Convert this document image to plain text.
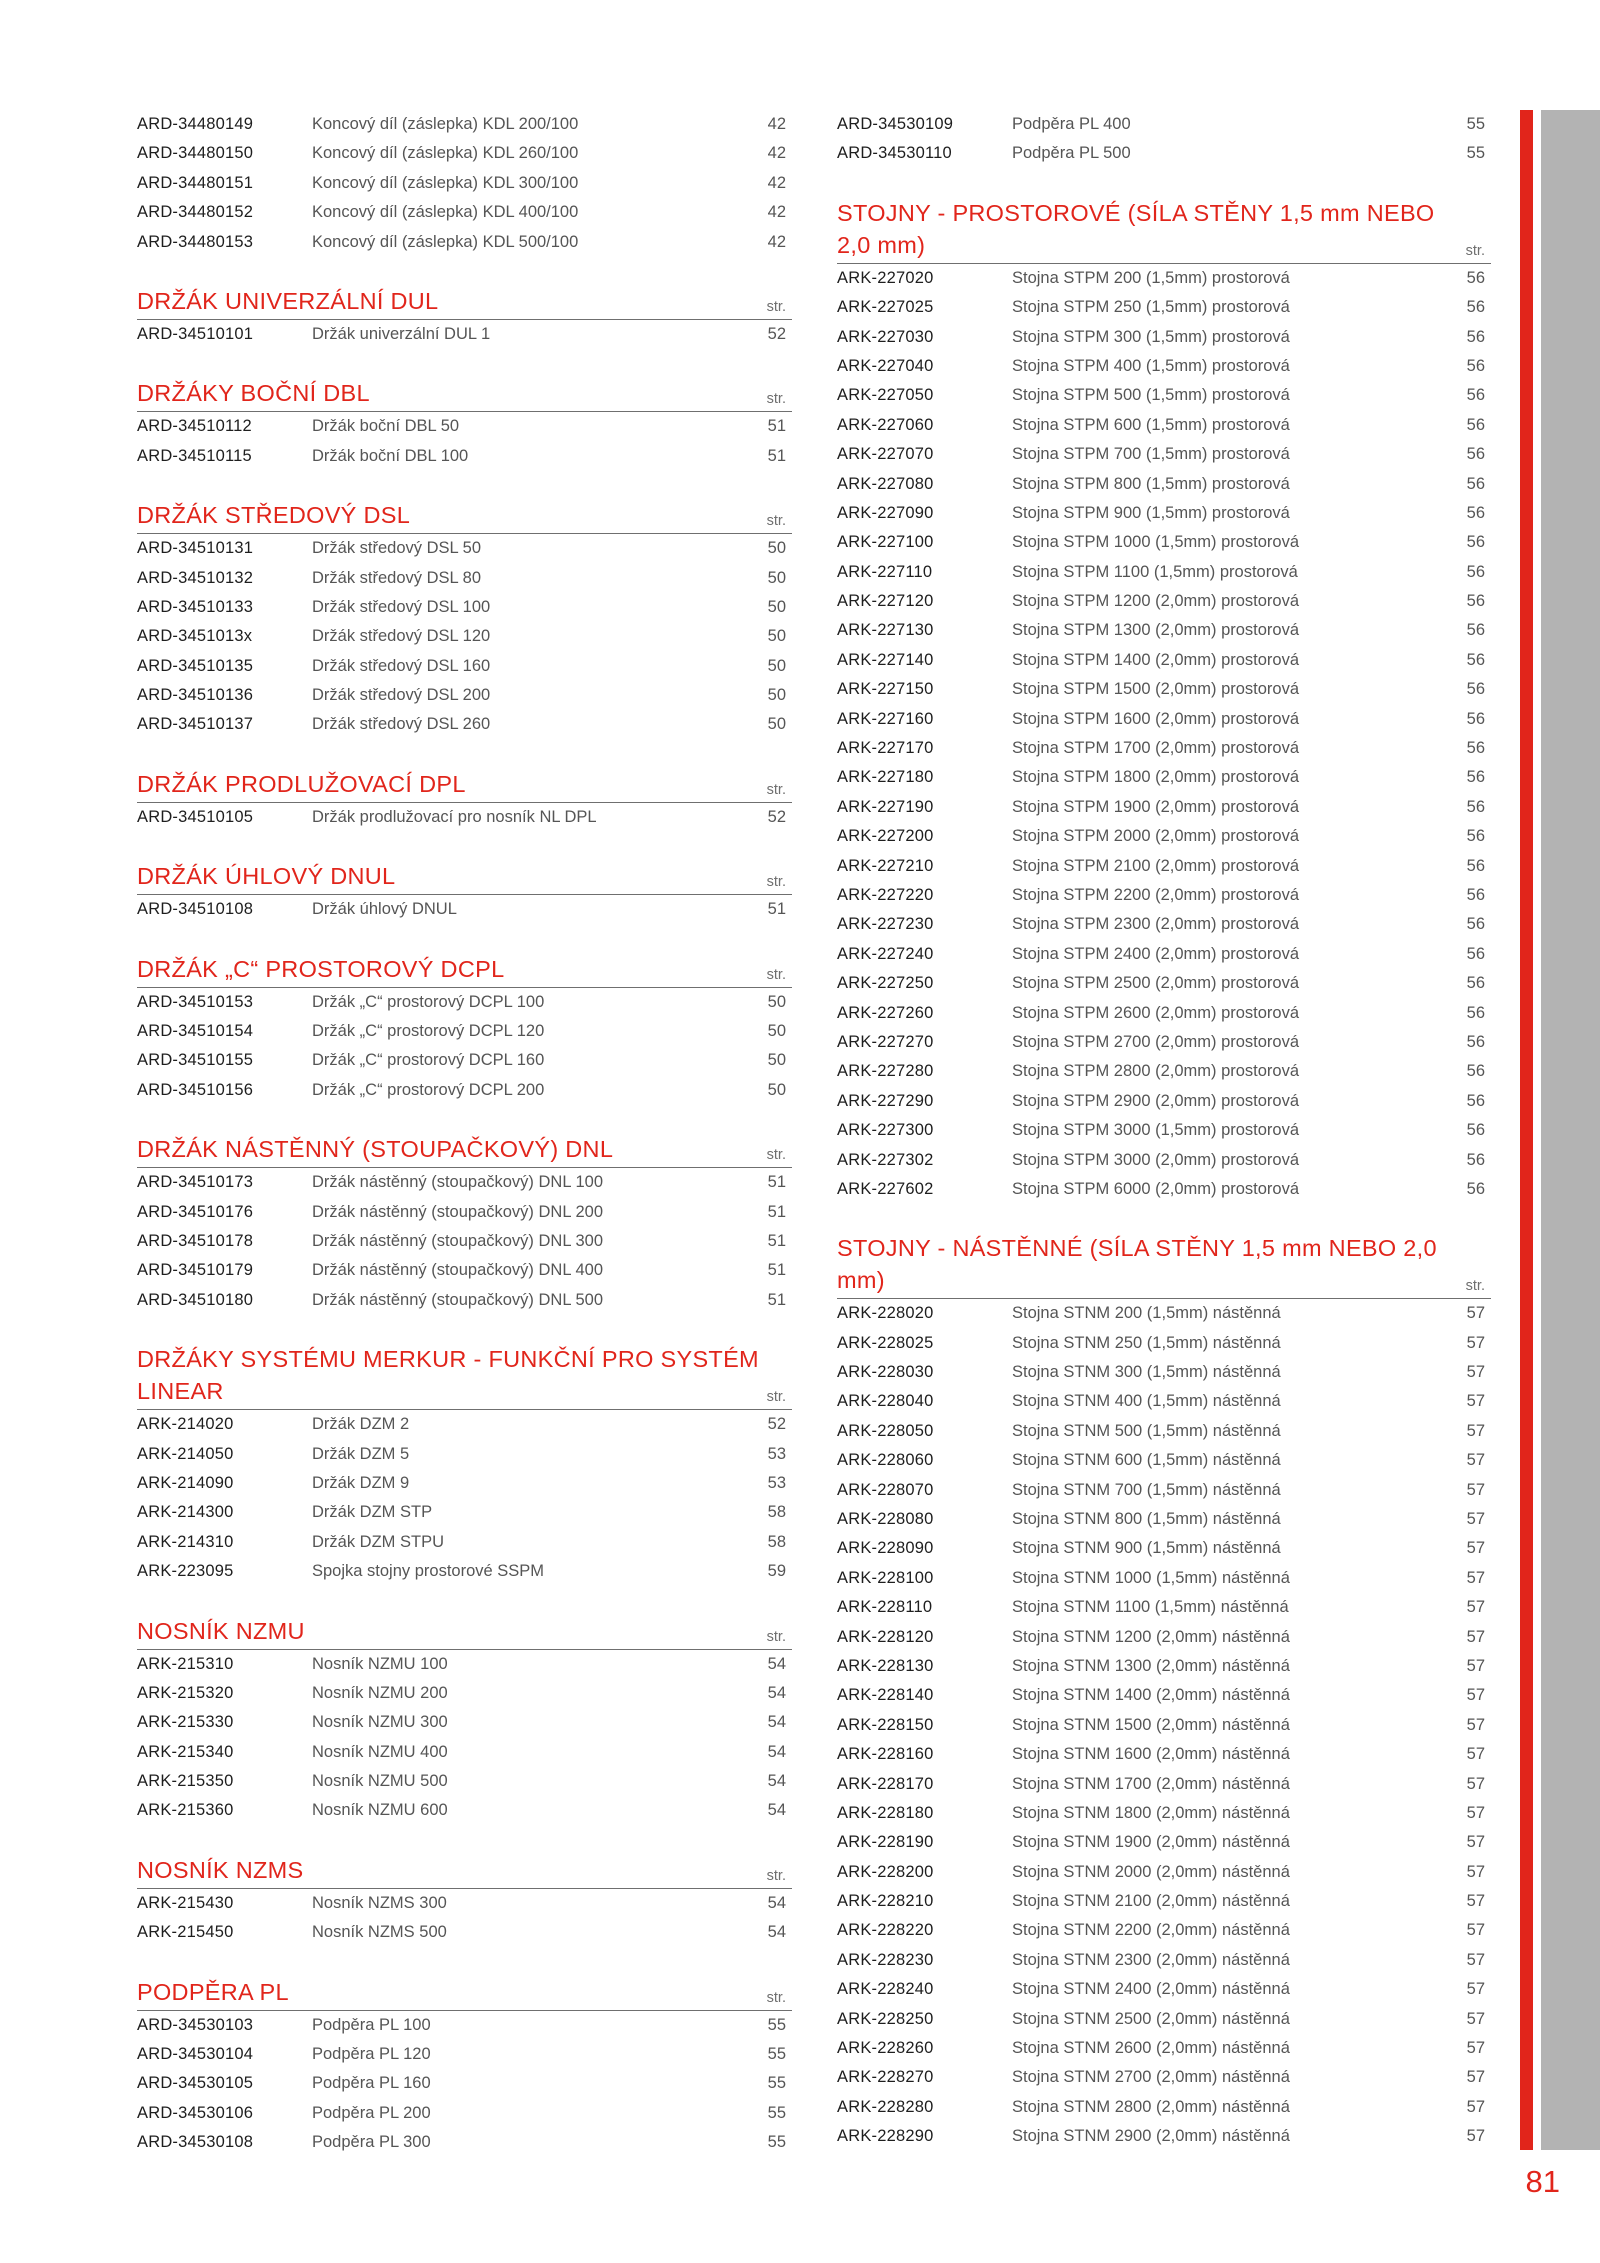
ARD-34480149	Koncový díl (záslepka) KDL 200/100	42
ARD-34480150	Koncový díl (záslepka) KDL 260/100	42
ARD-34480151	Koncový díl (záslepka) KDL 300/100	42
ARD-34480152	Koncový díl (záslepka) KDL 400/100	42
ARD-34480153	Koncový díl (záslepka) KDL 500/100	42
DRŽÁK UNIVERZÁLNÍ DUL	str.
ARD-34510101	Držák univerzální DUL 1	52
DRŽÁKY BOČNÍ DBL	str.
ARD-34510112	Držák boční DBL 50	51
ARD-34510115	Držák boční DBL 100	51
DRŽÁK STŘEDOVÝ DSL	str.
ARD-34510131	Držák středový DSL 50	50
ARD-34510132	Držák středový DSL 80	50
ARD-34510133	Držák středový DSL 100	50
ARD-3451013x	Držák středový DSL 120	50
ARD-34510135	Držák středový DSL 160	50
ARD-34510136	Držák středový DSL 200	50
ARD-34510137	Držák středový DSL 260	50
DRŽÁK PRODLUŽOVACÍ DPL	str.
ARD-34510105	Držák prodlužovací pro nosník NL DPL	52
DRŽÁK ÚHLOVÝ DNUL	str.
ARD-34510108	Držák úhlový DNUL	51
DRŽÁK „C“ PROSTOROVÝ DCPL	str.
ARD-34510153	Držák „C“ prostorový DCPL 100	50
ARD-34510154	Držák „C“ prostorový DCPL 120	50
ARD-34510155	Držák „C“ prostorový DCPL 160	50
ARD-34510156	Držák „C“ prostorový DCPL 200	50
DRŽÁK NÁSTĚNNÝ (STOUPAČKOVÝ) DNL	str.
ARD-34510173	Držák nástěnný (stoupačkový) DNL 100	51
ARD-34510176	Držák nástěnný (stoupačkový) DNL 200	51
ARD-34510178	Držák nástěnný (stoupačkový) DNL 300	51
ARD-34510179	Držák nástěnný (stoupačkový) DNL 400	51
ARD-34510180	Držák nástěnný (stoupačkový) DNL 500	51
DRŽÁKY SYSTÉMU MERKUR - FUNKČNÍ PRO SYSTÉM LINEAR	str.
ARK-214020	Držák DZM 2	52
ARK-214050	Držák DZM 5	53
ARK-214090	Držák DZM 9	53
ARK-214300	Držák DZM STP	58
ARK-214310	Držák DZM STPU	58
ARK-223095	Spojka stojny prostorové SSPM	59
NOSNÍK NZMU	str.
ARK-215310	Nosník NZMU 100	54
ARK-215320	Nosník NZMU 200	54
ARK-215330	Nosník NZMU 300	54
ARK-215340	Nosník NZMU 400	54
ARK-215350	Nosník NZMU 500	54
ARK-215360	Nosník NZMU 600	54
NOSNÍK NZMS	str.
ARK-215430	Nosník NZMS 300	54
ARK-215450	Nosník NZMS 500	54
PODPĚRA PL	str.
ARD-34530103	Podpěra PL 100	55
ARD-34530104	Podpěra PL 120	55
ARD-34530105	Podpěra PL 160	55
ARD-34530106	Podpěra PL 200	55
ARD-34530108	Podpěra PL 300	55
ARD-34530109	Podpěra PL 400	55
ARD-34530110	Podpěra PL 500	55
STOJNY - PROSTOROVÉ (SÍLA STĚNY 1,5 mm NEBO 2,0 mm)	str.
ARK-227020	Stojna STPM 200 (1,5mm) prostorová	56
ARK-227025	Stojna STPM 250 (1,5mm) prostorová	56
ARK-227030	Stojna STPM 300 (1,5mm) prostorová	56
ARK-227040	Stojna STPM 400 (1,5mm) prostorová	56
ARK-227050	Stojna STPM 500 (1,5mm) prostorová	56
ARK-227060	Stojna STPM 600 (1,5mm) prostorová	56
ARK-227070	Stojna STPM 700 (1,5mm) prostorová	56
ARK-227080	Stojna STPM 800 (1,5mm) prostorová	56
ARK-227090	Stojna STPM 900 (1,5mm) prostorová	56
ARK-227100	Stojna STPM 1000 (1,5mm) prostorová	56
ARK-227110	Stojna STPM 1100 (1,5mm) prostorová	56
ARK-227120	Stojna STPM 1200 (2,0mm) prostorová	56
ARK-227130	Stojna STPM 1300 (2,0mm) prostorová	56
ARK-227140	Stojna STPM 1400 (2,0mm) prostorová	56
ARK-227150	Stojna STPM 1500 (2,0mm) prostorová	56
ARK-227160	Stojna STPM 1600 (2,0mm) prostorová	56
ARK-227170	Stojna STPM 1700 (2,0mm) prostorová	56
ARK-227180	Stojna STPM 1800 (2,0mm) prostorová	56
ARK-227190	Stojna STPM 1900 (2,0mm) prostorová	56
ARK-227200	Stojna STPM 2000 (2,0mm) prostorová	56
ARK-227210	Stojna STPM 2100 (2,0mm) prostorová	56
ARK-227220	Stojna STPM 2200 (2,0mm) prostorová	56
ARK-227230	Stojna STPM 2300 (2,0mm) prostorová	56
ARK-227240	Stojna STPM 2400 (2,0mm) prostorová	56
ARK-227250	Stojna STPM 2500 (2,0mm) prostorová	56
ARK-227260	Stojna STPM 2600 (2,0mm) prostorová	56
ARK-227270	Stojna STPM 2700 (2,0mm) prostorová	56
ARK-227280	Stojna STPM 2800 (2,0mm) prostorová	56
ARK-227290	Stojna STPM 2900 (2,0mm) prostorová	56
ARK-227300	Stojna STPM 3000 (1,5mm) prostorová	56
ARK-227302	Stojna STPM 3000 (2,0mm) prostorová	56
ARK-227602	Stojna STPM 6000 (2,0mm) prostorová	56
STOJNY - NÁSTĚNNÉ (SÍLA STĚNY 1,5 mm NEBO 2,0 mm)	str.
ARK-228020	Stojna STNM 200 (1,5mm) nástěnná	57
ARK-228025	Stojna STNM 250 (1,5mm) nástěnná	57
ARK-228030	Stojna STNM 300 (1,5mm) nástěnná	57
ARK-228040	Stojna STNM 400 (1,5mm) nástěnná	57
ARK-228050	Stojna STNM 500 (1,5mm) nástěnná	57
ARK-228060	Stojna STNM 600 (1,5mm) nástěnná	57
ARK-228070	Stojna STNM 700 (1,5mm) nástěnná	57
ARK-228080	Stojna STNM 800 (1,5mm) nástěnná	57
ARK-228090	Stojna STNM 900 (1,5mm) nástěnná	57
ARK-228100	Stojna STNM 1000 (1,5mm) nástěnná	57
ARK-228110	Stojna STNM 1100 (1,5mm) nástěnná	57
ARK-228120	Stojna STNM 1200 (2,0mm) nástěnná	57
ARK-228130	Stojna STNM 1300 (2,0mm) nástěnná	57
ARK-228140	Stojna STNM 1400 (2,0mm) nástěnná	57
ARK-228150	Stojna STNM 1500 (2,0mm) nástěnná	57
ARK-228160	Stojna STNM 1600 (2,0mm) nástěnná	57
ARK-228170	Stojna STNM 1700 (2,0mm) nástěnná	57
ARK-228180	Stojna STNM 1800 (2,0mm) nástěnná	57
ARK-228190	Stojna STNM 1900 (2,0mm) nástěnná	57
ARK-228200	Stojna STNM 2000 (2,0mm) nástěnná	57
ARK-228210	Stojna STNM 2100 (2,0mm) nástěnná	57
ARK-228220	Stojna STNM 2200 (2,0mm) nástěnná	57
ARK-228230	Stojna STNM 2300 (2,0mm) nástěnná	57
ARK-228240	Stojna STNM 2400 (2,0mm) nástěnná	57
ARK-228250	Stojna STNM 2500 (2,0mm) nástěnná	57
ARK-228260	Stojna STNM 2600 (2,0mm) nástěnná	57
ARK-228270	Stojna STNM 2700 (2,0mm) nástěnná	57
ARK-228280	Stojna STNM 2800 (2,0mm) nástěnná	57
ARK-228290	Stojna STNM 2900 (2,0mm) nástěnná	57
81
